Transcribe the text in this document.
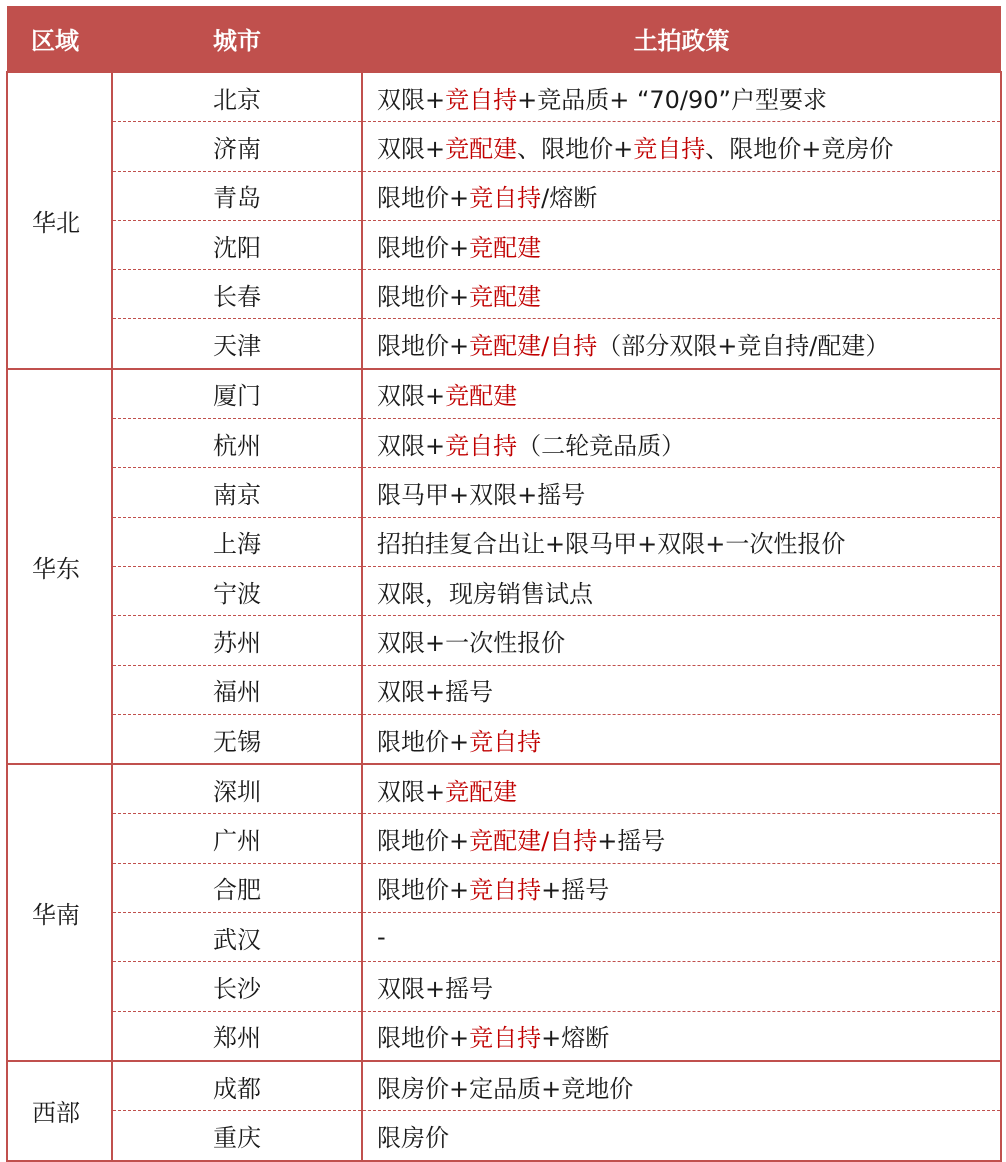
区域	城市	土拍政策
华北	北京	双限+竞自持+竞品质+ “70/90”户型要求
	济南	双限+竞配建、限地价+竞自持、限地价+竞房价
	青岛	限地价+竞自持/熔断
	沈阳	限地价+竞配建
	长春	限地价+竞配建
	天津	限地价+竞配建/自持（部分双限+竞自持/配建）
华东	厦门	双限+竞配建
	杭州	双限+竞自持（二轮竞品质）
	南京	限马甲+双限+摇号
	上海	招拍挂复合出让+限马甲+双限+一次性报价
	宁波	双限，现房销售试点
	苏州	双限+一次性报价
	福州	双限+摇号
	无锡	限地价+竞自持
华南	深圳	双限+竞配建
	广州	限地价+竞配建/自持+摇号
	合肥	限地价+竞自持+摇号
	武汉	-
	长沙	双限+摇号
	郑州	限地价+竞自持+熔断
西部	成都	限房价+定品质+竞地价
	重庆	限房价
